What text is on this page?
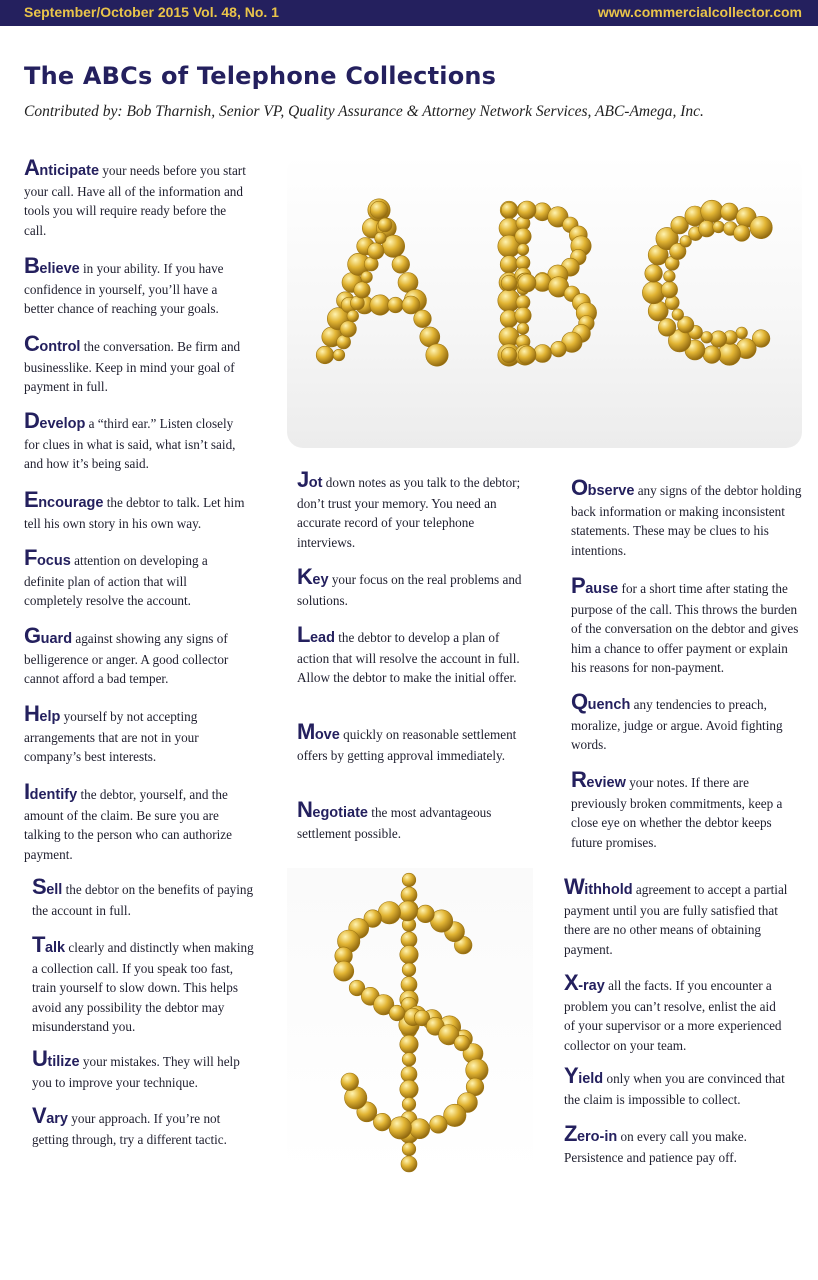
September/October 2015 Vol. 48, No. 1	www.commercialcollector.com
The ABCs of Telephone Collections
Contributed by: Bob Tharnish, Senior VP, Quality Assurance & Attorney Network Services, ABC-Amega, Inc.
Anticipate your needs before you start your call. Have all of the information and tools you will require ready before the call.
Believe in your ability. If you have confidence in yourself, you’ll have a better chance of reaching your goals.
Control the conversation. Be firm and businesslike. Keep in mind your goal of payment in full.
Develop a “third ear.” Listen closely for clues in what is said, what isn’t said, and how it’s being said.
Encourage the debtor to talk. Let him tell his own story in his own way.
Focus attention on developing a definite plan of action that will completely resolve the account.
Guard against showing any signs of belligerence or anger. A good collector cannot afford a bad temper.
Help yourself by not accepting arrangements that are not in your company’s best interests.
Identify the debtor, yourself, and the amount of the claim. Be sure you are talking to the person who can authorize payment.
Jot down notes as you talk to the debtor; don’t trust your memory. You need an accurate record of your telephone interviews.
Key your focus on the real problems and solutions.
Lead the debtor to develop a plan of action that will resolve the account in full. Allow the debtor to make the initial offer.
Move quickly on reasonable settlement offers by getting approval immediately.
Negotiate the most advantageous settlement possible.
Observe any signs of the debtor holding back information or making inconsistent statements. These may be clues to his intentions.
Pause for a short time after stating the purpose of the call. This throws the burden of the conversation on the debtor and gives him a chance to offer payment or explain his reasons for non-payment.
Quench any tendencies to preach, moralize, judge or argue. Avoid fighting words.
Review your notes. If there are previously broken commitments, keep a close eye on whether the debtor keeps future promises.
Sell the debtor on the benefits of paying the account in full.
Talk clearly and distinctly when making a collection call. If you speak too fast, train yourself to slow down. This helps avoid any possibility the debtor may misunderstand you.
Utilize your mistakes. They will help you to improve your technique.
Vary your approach. If you’re not getting through, try a different tactic.
Withhold agreement to accept a partial payment until you are fully satisfied that there are no other means of obtaining payment.
X-ray all the facts. If you encounter a problem you can’t resolve, enlist the aid of your supervisor or a more experienced collector on your team.
Yield only when you are convinced that the claim is impossible to collect.
Zero-in on every call you make. Persistence and patience pay off.
